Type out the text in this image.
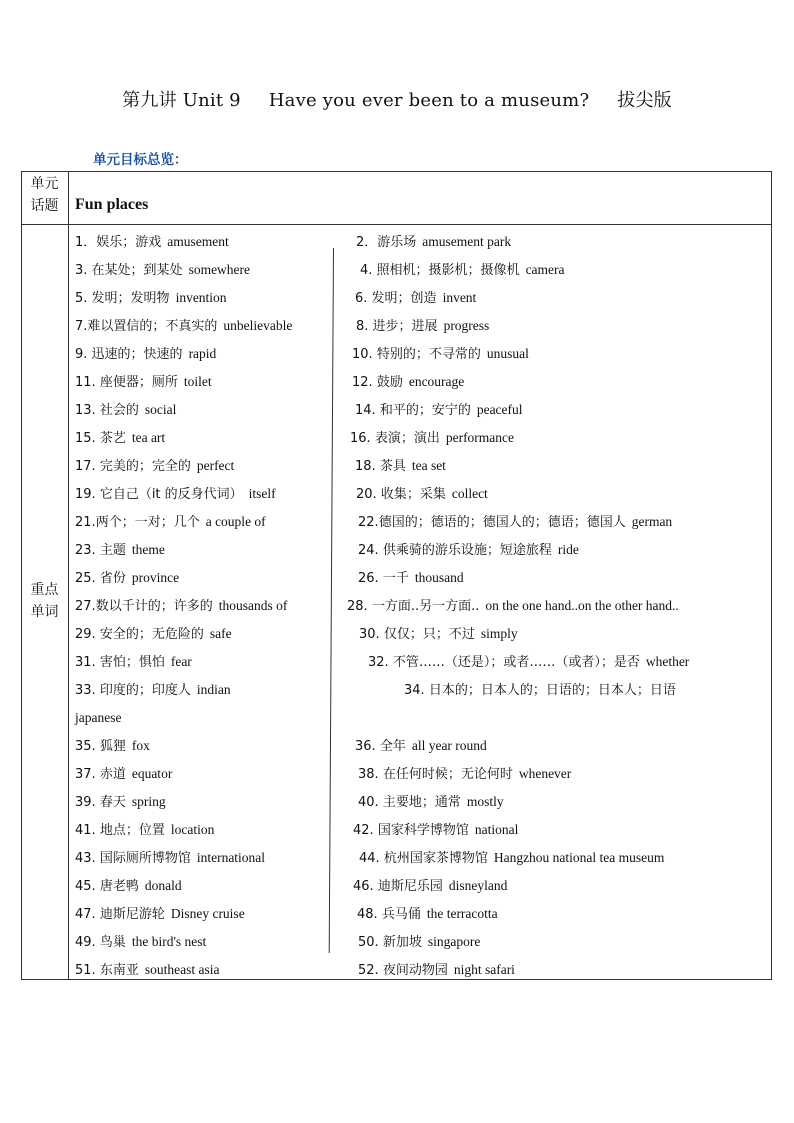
第九讲 Unit 9 Have you ever been to a museum? 拔尖版
单元目标总览：
单元
话题	Fun places
重点
单词
1．娱乐；游戏 amusement
3. 在某处；到某处 somewhere
5. 发明；发明物 invention
7.难以置信的；不真实的 unbelievable
9. 迅速的；快速的 rapid
11. 座便器；厕所 toilet
13. 社会的 social
15. 茶艺 tea art
17. 完美的；完全的 perfect
19. 它自己（it 的反身代词） itself
21.两个；一对；几个 a couple of
23. 主题 theme
25. 省份 province
27.数以千计的；许多的 thousands of
29. 安全的；无危险的 safe
31. 害怕；惧怕 fear
33. 印度的；印度人 indian
35. 狐狸 fox
37. 赤道 equator
39. 春天 spring
41. 地点；位置 location
43. 国际厕所博物馆 international
45. 唐老鸭 donald
47. 迪斯尼游轮 Disney cruise
49. 鸟巢 the bird's nest
51. 东南亚 southeast asia
2．游乐场 amusement park
4. 照相机；摄影机；摄像机 camera
6. 发明；创造 invent
8. 进步；进展 progress
10. 特别的；不寻常的 unusual
12. 鼓励 encourage
14. 和平的；安宁的 peaceful
16. 表演；演出 performance
18. 茶具 tea set
20. 收集；采集 collect
22.德国的；德语的；德国人的；德语；德国人 german
24. 供乘骑的游乐设施；短途旅程 ride
26. 一千 thousand
28. 一方面..另一方面.. on the one hand..on the other hand..
30. 仅仅；只；不过 simply
32. 不管……（还是）；或者……（或者）；是否 whether
34. 日本的；日本人的；日语的；日本人；日语
36. 全年 all year round
38. 在任何时候；无论何时 whenever
40. 主要地；通常 mostly
42. 国家科学博物馆 national
44. 杭州国家茶博物馆 Hangzhou national tea museum
46. 迪斯尼乐园 disneyland
48. 兵马俑 the terracotta
50. 新加坡 singapore
52. 夜间动物园 night safari
japanese
